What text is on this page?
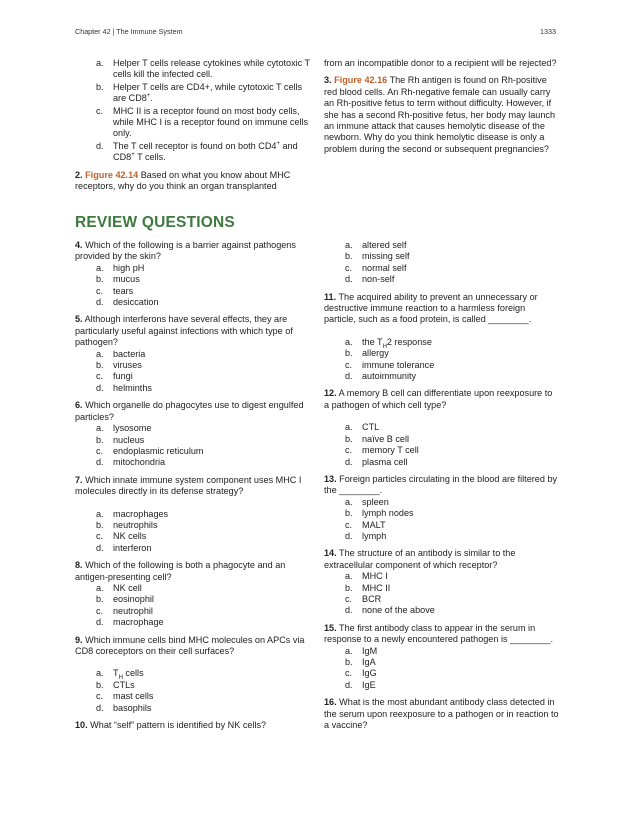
Chapter 42 | The Immune System	1333
a.	Helper T cells release cytokines while cytotoxic T cells kill the infected cell.
b.	Helper T cells are CD4+, while cytotoxic T cells are CD8+.
c.	MHC II is a receptor found on most body cells, while MHC I is a receptor found on immune cells only.
d.	The T cell receptor is found on both CD4+ and CD8+ T cells.

2. Figure 42.14 Based on what you know about MHC receptors, why do you think an organ transplanted

from an incompatible donor to a recipient will be rejected?

3. Figure 42.16 The Rh antigen is found on Rh-positive red blood cells. An Rh-negative female can usually carry an Rh-positive fetus to term without difficulty. However, if she has a second Rh-positive fetus, her body may launch an immune attack that causes hemolytic disease of the newborn. Why do you think hemolytic disease is only a problem during the second or subsequent pregnancies?

REVIEW QUESTIONS

4. Which of the following is a barrier against pathogens provided by the skin?

a.	high pH
b.	mucus
c.	tears
d.	desiccation

5. Although interferons have several effects, they are particularly useful against infections with which type of pathogen?

a.	bacteria
b.	viruses
c.	fungi
d.	helminths

6. Which organelle do phagocytes use to digest engulfed particles?

a.	lysosome
b.	nucleus
c.	endoplasmic reticulum
d.	mitochondria

7. Which innate immune system component uses MHC I molecules directly in its defense strategy?

a.	macrophages
b.	neutrophils
c.	NK cells
d.	interferon

8. Which of the following is both a phagocyte and an antigen-presenting cell?

a.	NK cell
b.	eosinophil
c.	neutrophil
d.	macrophage

9. Which immune cells bind MHC molecules on APCs via CD8 coreceptors on their cell surfaces?

a.	$T_H$ cells
b.	CTLs
c.	mast cells
d.	basophils

10. What “self” pattern is identified by NK cells?

a.	altered self
b.	missing self
c.	normal self
d.	non-self

11. The acquired ability to prevent an unnecessary or destructive immune reaction to a harmless foreign particle, such as a food protein, is called ________.

a.	the $T_H2$ response
b.	allergy
c.	immune tolerance
d.	autoimmunity

12. A memory B cell can differentiate upon reexposure to a pathogen of which cell type?

a.	CTL
b.	naïve B cell
c.	memory T cell
d.	plasma cell

13. Foreign particles circulating in the blood are filtered by the ________.

a.	spleen
b.	lymph nodes
c.	MALT
d.	lymph

14. The structure of an antibody is similar to the extracellular component of which receptor?

a.	MHC I
b.	MHC II
c.	BCR
d.	none of the above

15. The first antibody class to appear in the serum in response to a newly encountered pathogen is ________.

a.	IgM
b.	IgA
c.	IgG
d.	IgE

16. What is the most abundant antibody class detected in the serum upon reexposure to a pathogen or in reaction to a vaccine?
